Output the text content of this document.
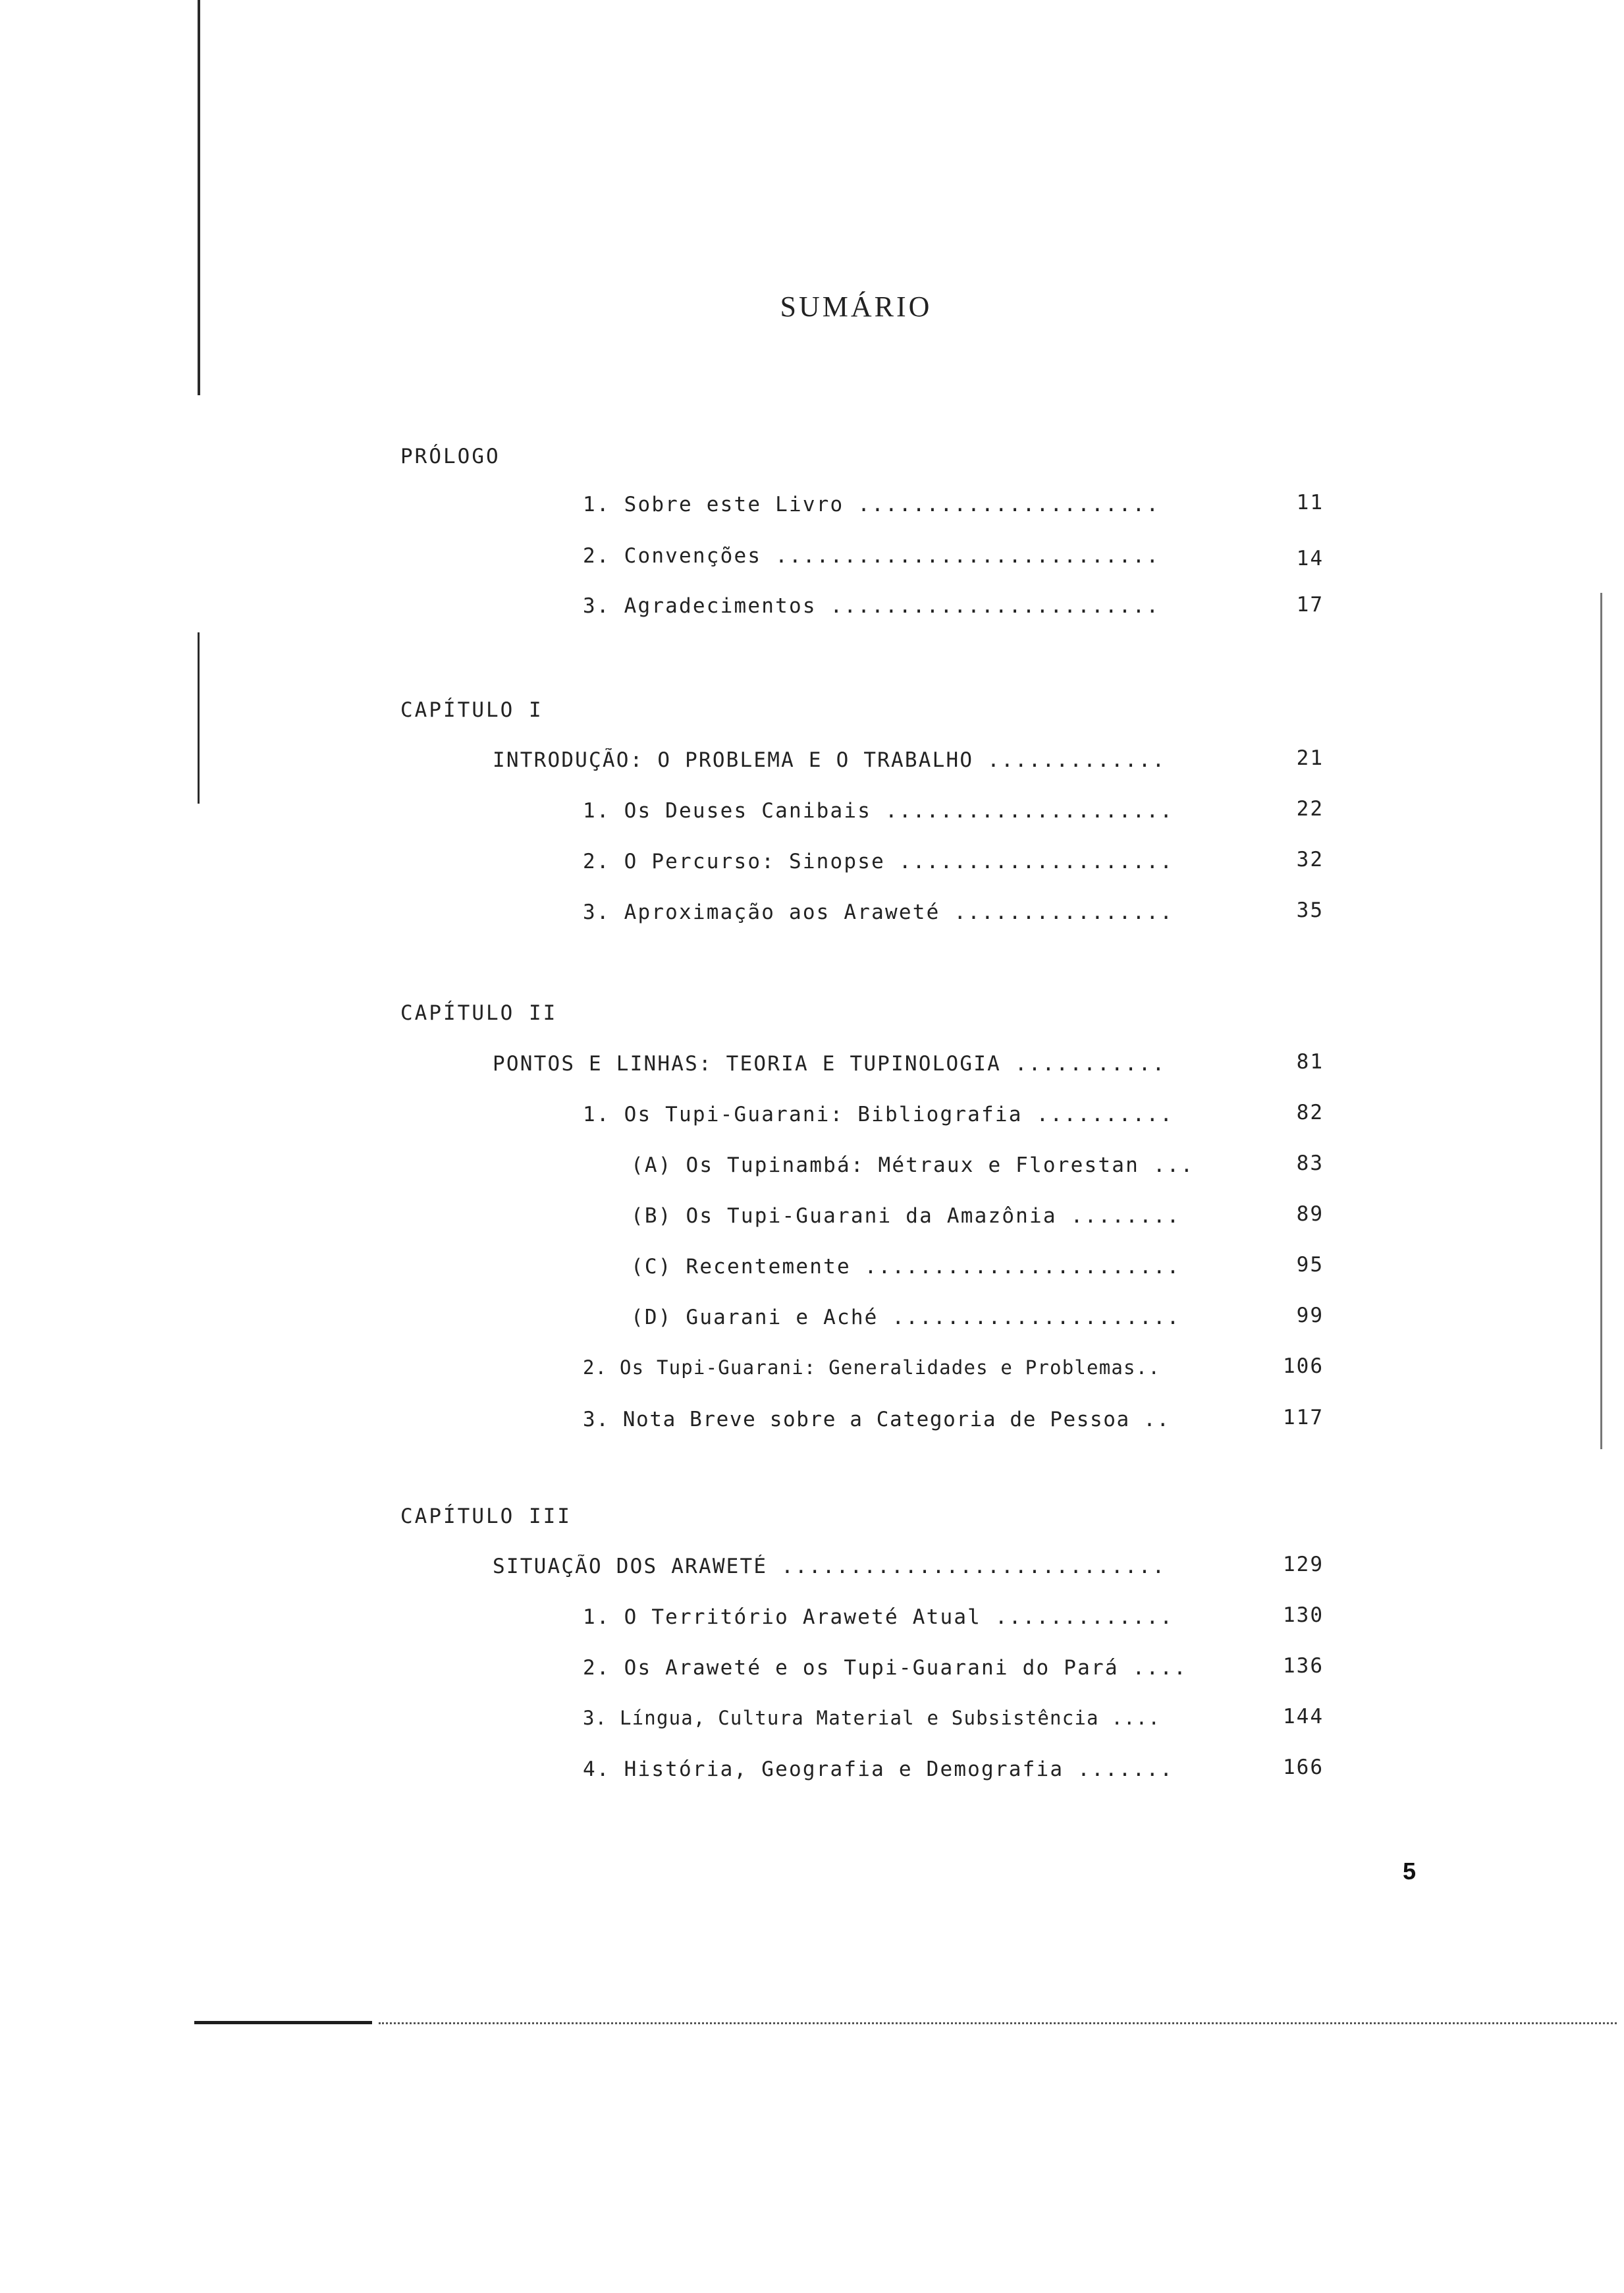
SUMÁRIO
PRÓLOGO
1. Sobre este Livro ......................	11
2. Convenções ............................	14
3. Agradecimentos ........................	17
CAPÍTULO I
INTRODUÇÃO: O PROBLEMA E O TRABALHO .............	21
1. Os Deuses Canibais .....................	22
2. O Percurso: Sinopse ....................	32
3. Aproximação aos Araweté ................	35
CAPÍTULO II
PONTOS E LINHAS: TEORIA E TUPINOLOGIA ...........	81
1. Os Tupi-Guarani: Bibliografia ..........	82
(A) Os Tupinambá: Métraux e Florestan ...	83
(B) Os Tupi-Guarani da Amazônia ........	89
(C) Recentemente .......................	95
(D) Guarani e Aché .....................	99
2. Os Tupi-Guarani: Generalidades e Problemas..	106
3. Nota Breve sobre a Categoria de Pessoa ..	117
CAPÍTULO III
SITUAÇÃO DOS ARAWETÉ ............................	129
1. O Território Araweté Atual .............	130
2. Os Araweté e os Tupi-Guarani do Pará ....	136
3. Língua, Cultura Material e Subsistência ....	144
4. História, Geografia e Demografia .......	166
5
